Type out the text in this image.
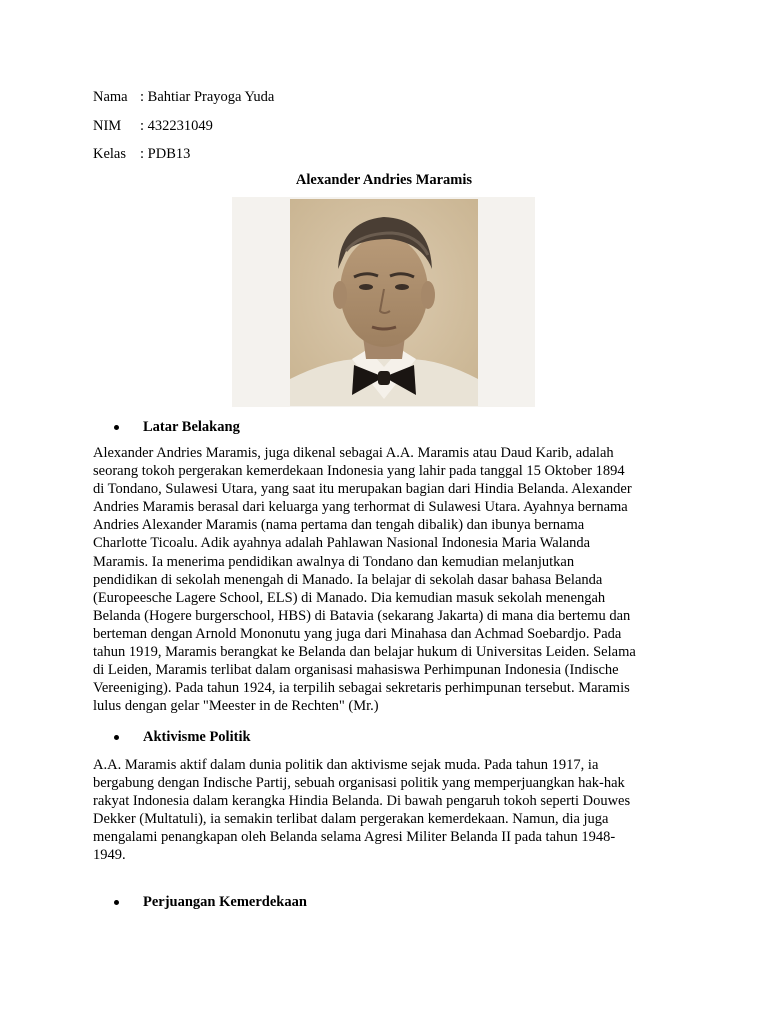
Nama : Bahtiar Prayoga Yuda
NIM : 432231049
Kelas : PDB13
Alexander Andries Maramis
Latar Belakang
Alexander Andries Maramis, juga dikenal sebagai A.A. Maramis atau Daud Karib, adalah
seorang tokoh pergerakan kemerdekaan Indonesia yang lahir pada tanggal 15 Oktober 1894
di Tondano, Sulawesi Utara, yang saat itu merupakan bagian dari Hindia Belanda. Alexander
Andries Maramis berasal dari keluarga yang terhormat di Sulawesi Utara. Ayahnya bernama
Andries Alexander Maramis (nama pertama dan tengah dibalik) dan ibunya bernama
Charlotte Ticoalu. Adik ayahnya adalah Pahlawan Nasional Indonesia Maria Walanda
Maramis. Ia menerima pendidikan awalnya di Tondano dan kemudian melanjutkan
pendidikan di sekolah menengah di Manado. Ia belajar di sekolah dasar bahasa Belanda
(Europeesche Lagere School, ELS) di Manado. Dia kemudian masuk sekolah menengah
Belanda (Hogere burgerschool, HBS) di Batavia (sekarang Jakarta) di mana dia bertemu dan
berteman dengan Arnold Mononutu yang juga dari Minahasa dan Achmad Soebardjo. Pada
tahun 1919, Maramis berangkat ke Belanda dan belajar hukum di Universitas Leiden. Selama
di Leiden, Maramis terlibat dalam organisasi mahasiswa Perhimpunan Indonesia (Indische
Vereeniging). Pada tahun 1924, ia terpilih sebagai sekretaris perhimpunan tersebut. Maramis
lulus dengan gelar "Meester in de Rechten" (Mr.)
Aktivisme Politik
A.A. Maramis aktif dalam dunia politik dan aktivisme sejak muda. Pada tahun 1917, ia
bergabung dengan Indische Partij, sebuah organisasi politik yang memperjuangkan hak-hak
rakyat Indonesia dalam kerangka Hindia Belanda. Di bawah pengaruh tokoh seperti Douwes
Dekker (Multatuli), ia semakin terlibat dalam pergerakan kemerdekaan. Namun, dia juga
mengalami penangkapan oleh Belanda selama Agresi Militer Belanda II pada tahun 1948-
1949.
Perjuangan Kemerdekaan
